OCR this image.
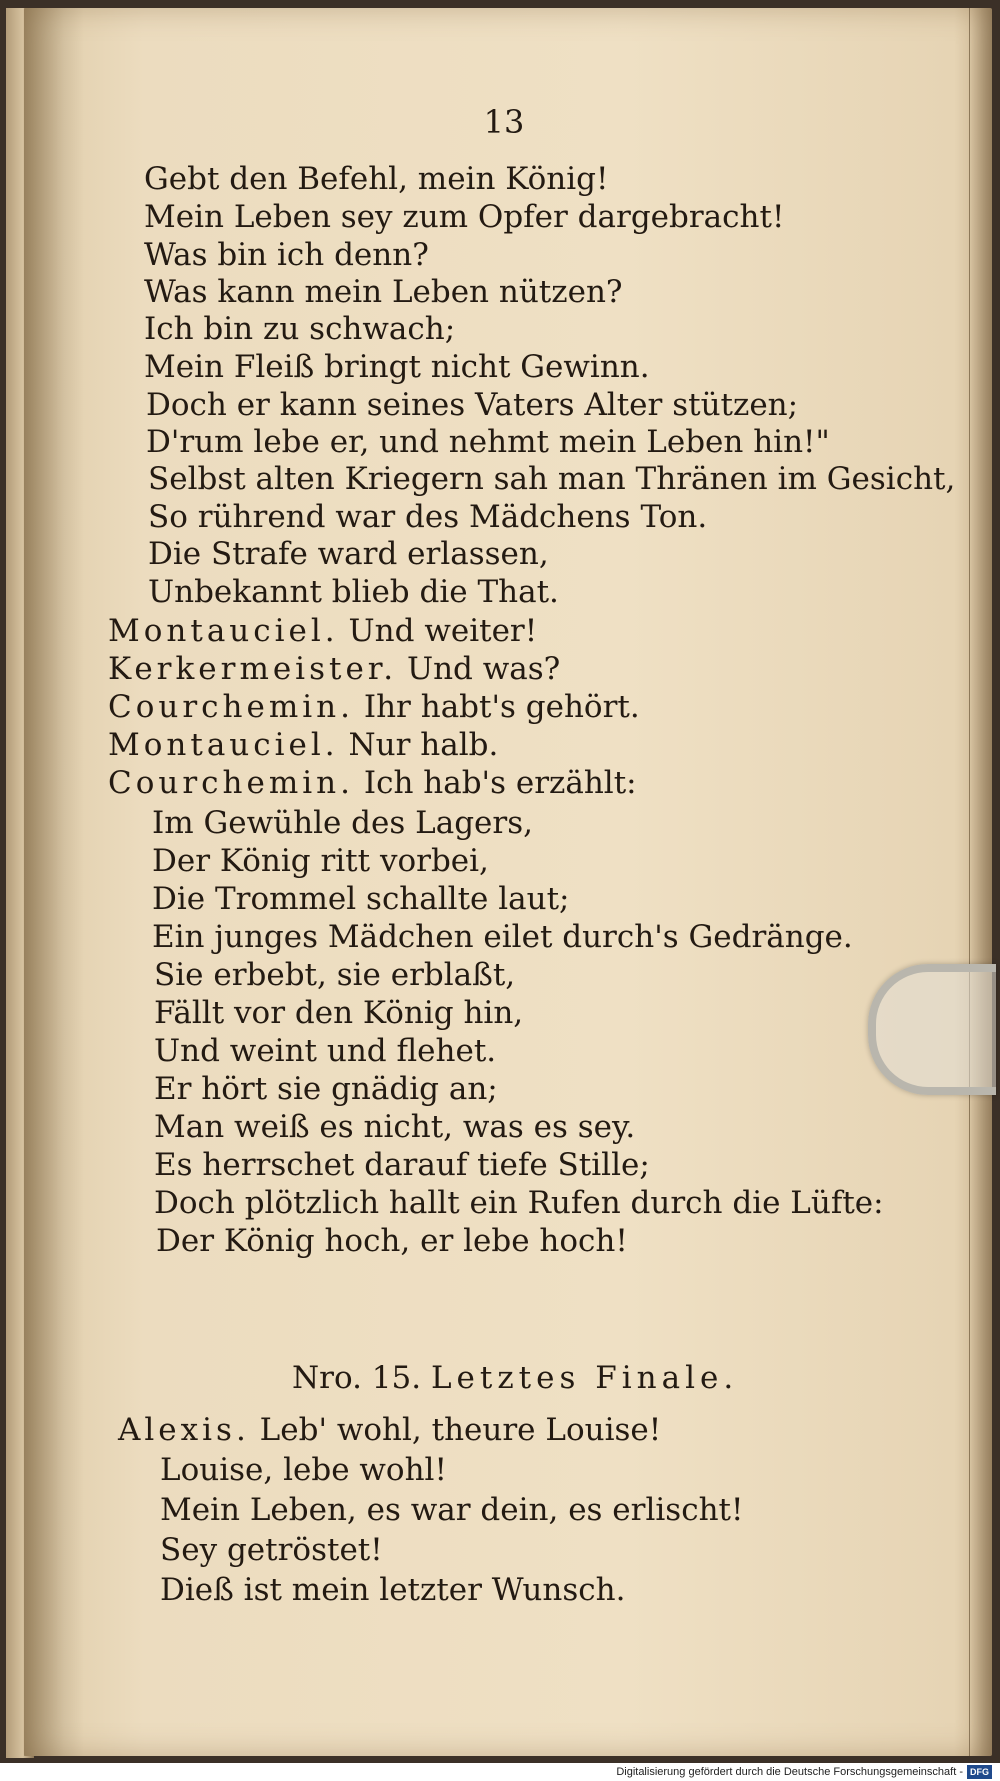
13
Gebt den Befehl, mein König!
Mein Leben sey zum Opfer dargebracht!
Was bin ich denn?
Was kann mein Leben nützen?
Ich bin zu schwach;
Mein Fleiß bringt nicht Gewinn.
Doch er kann seines Vaters Alter stützen;
D'rum lebe er, und nehmt mein Leben hin!"
Selbst alten Kriegern sah man Thränen im Gesicht,
So rührend war des Mädchens Ton.
Die Strafe ward erlassen,
Unbekannt blieb die That.
Montauciel. Und weiter!
Kerkermeister. Und was?
Courchemin. Ihr habt's gehört.
Montauciel. Nur halb.
Courchemin. Ich hab's erzählt:
Im Gewühle des Lagers,
Der König ritt vorbei,
Die Trommel schallte laut;
Ein junges Mädchen eilet durch's Gedränge.
Sie erbebt, sie erblaßt,
Fällt vor den König hin,
Und weint und flehet.
Er hört sie gnädig an;
Man weiß es nicht, was es sey.
Es herrschet darauf tiefe Stille;
Doch plötzlich hallt ein Rufen durch die Lüfte:
Der König hoch, er lebe hoch!
Nro. 15. Letztes Finale.
Alexis. Leb' wohl, theure Louise!
Louise, lebe wohl!
Mein Leben, es war dein, es erlischt!
Sey getröstet!
Dieß ist mein letzter Wunsch.
Digitalisierung gefördert durch die Deutsche Forschungsgemeinschaft - DFG
